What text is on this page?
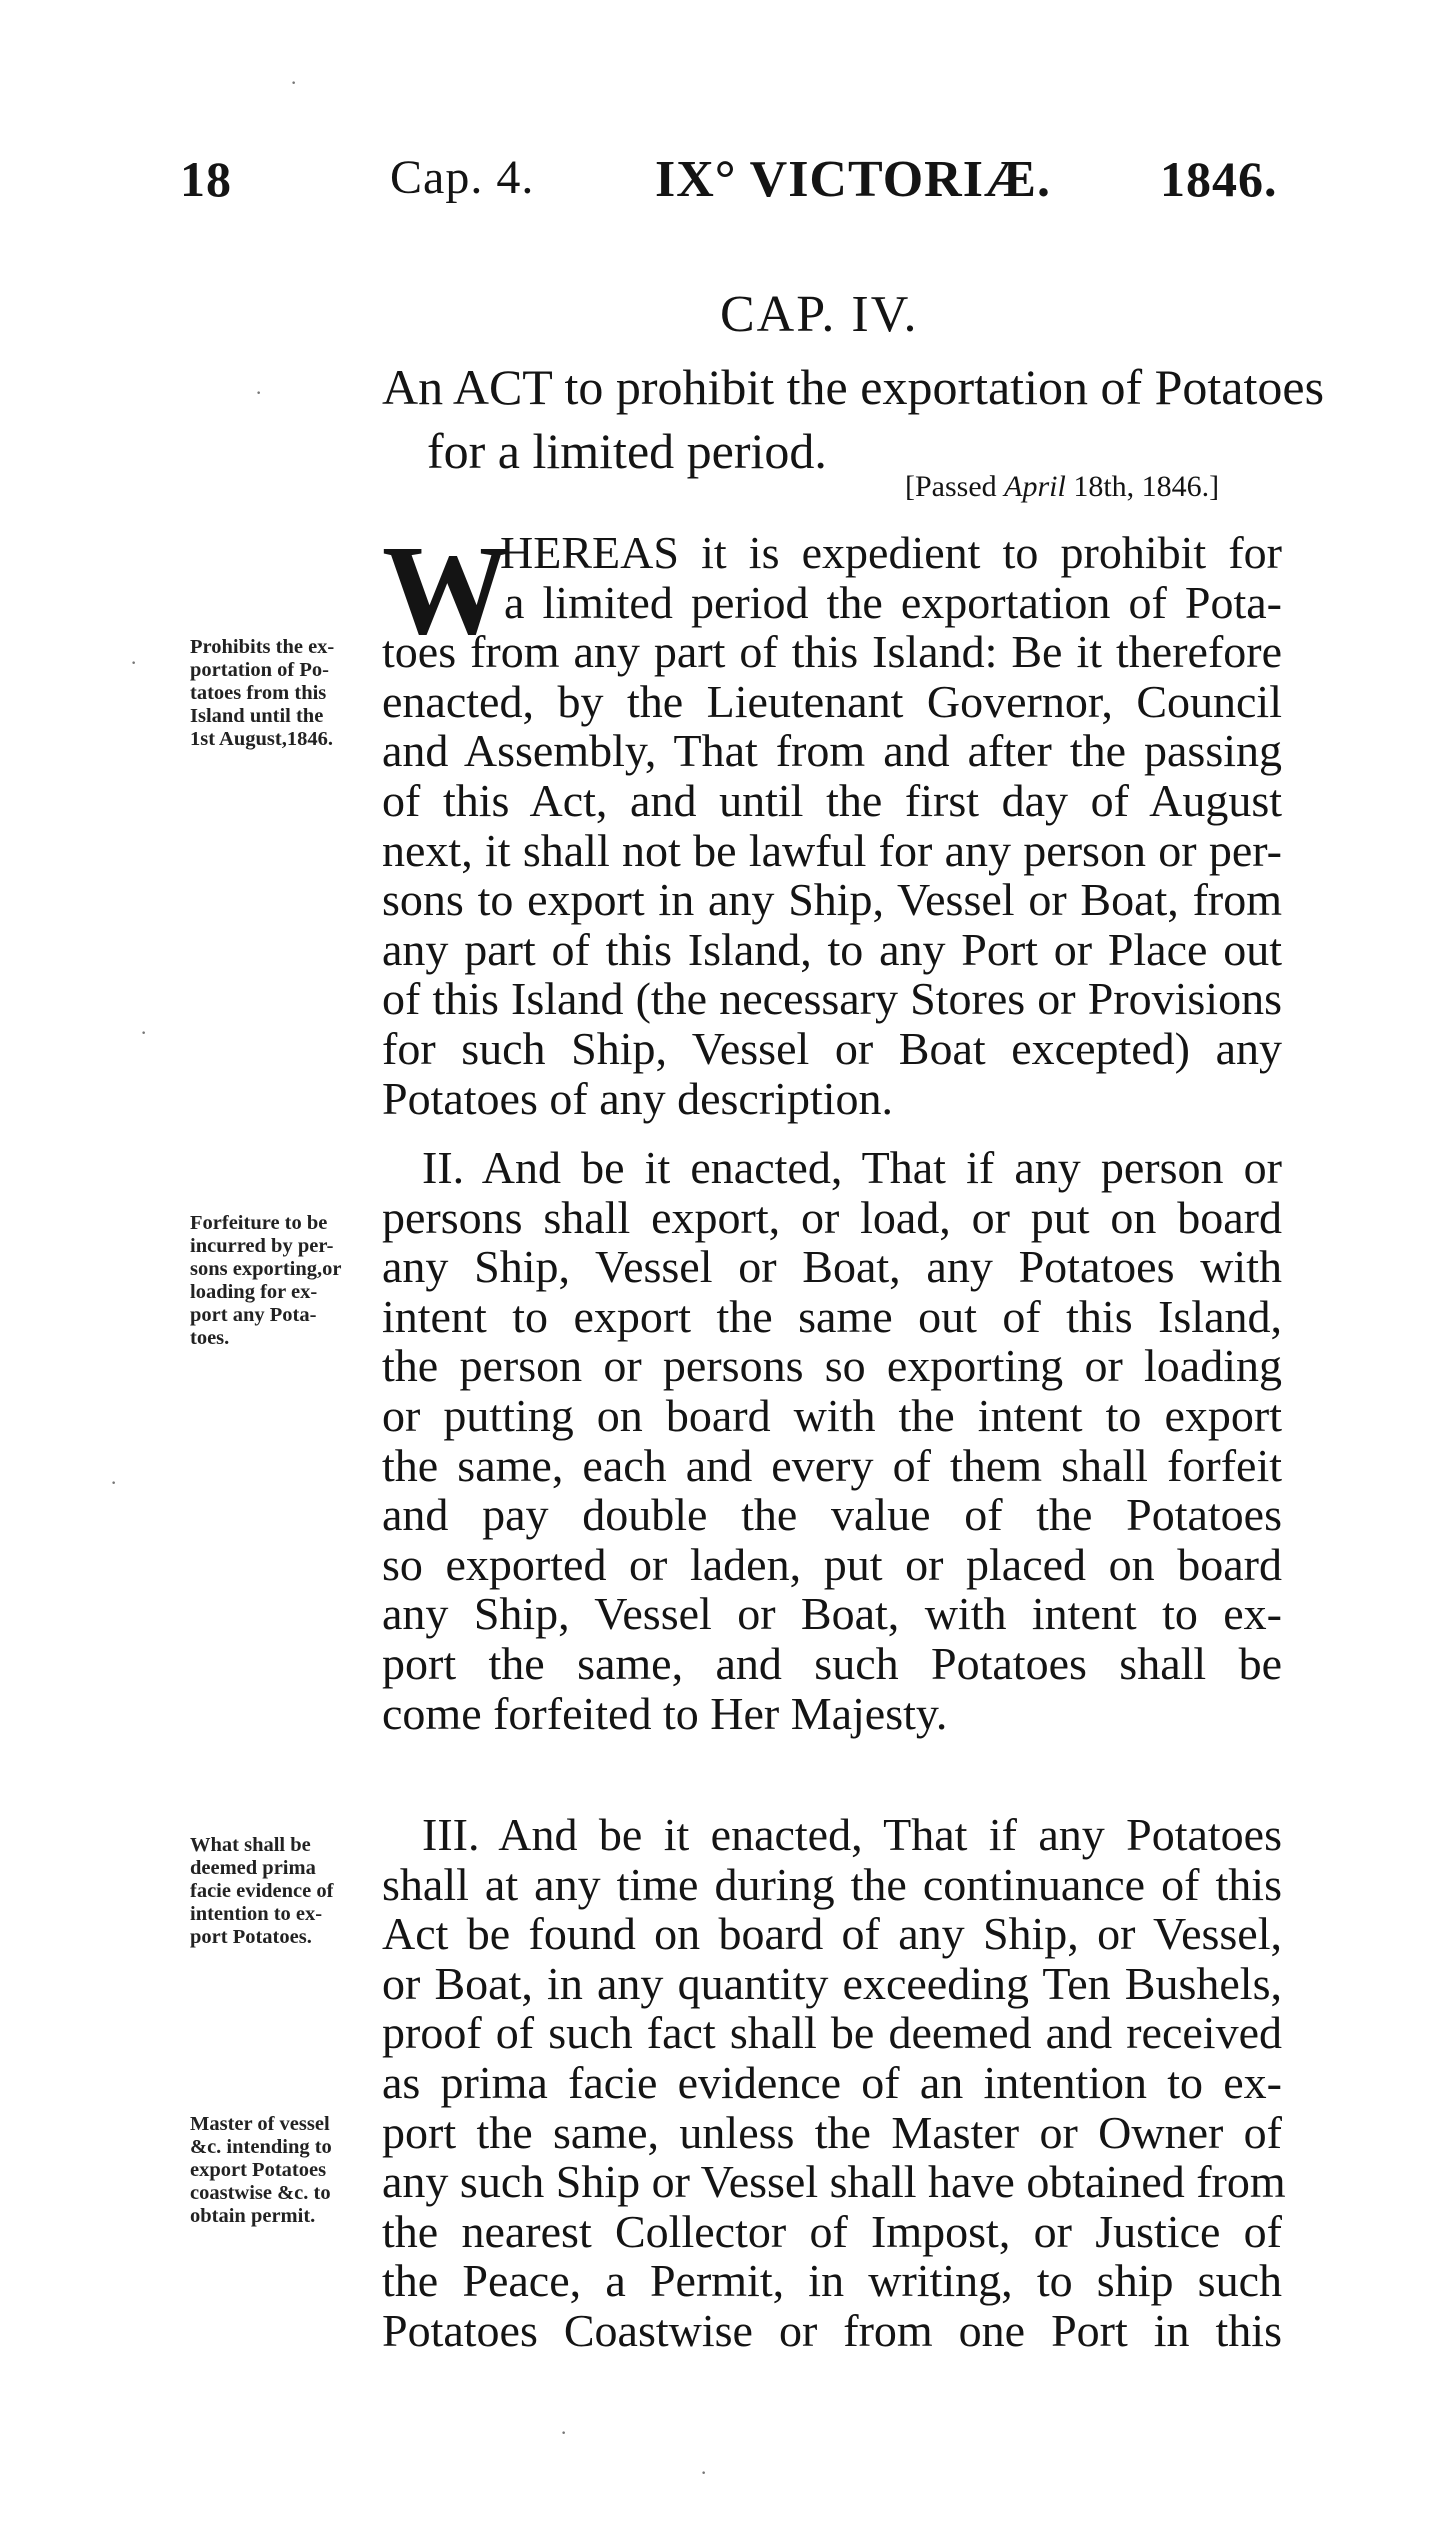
18	Cap. 4. IX° VICTORIÆ. 1846.
CAP. IV.
An ACT to prohibit the exportation of Potatoes
for a limited period.
[Passed April 18th, 1846.]
W
HEREAS it is expedient to prohibit for
a limited period the exportation of Pota-
toes from any part of this Island: Be it therefore
enacted, by the Lieutenant Governor, Council
and Assembly, That from and after the passing
of this Act, and until the first day of August
next, it shall not be lawful for any person or per-
sons to export in any Ship, Vessel or Boat, from
any part of this Island, to any Port or Place out
of this Island (the necessary Stores or Provisions
for such Ship, Vessel or Boat excepted) any
Potatoes of any description.
Prohibits the ex-
portation of Po-
tatoes from this
Island until the
1st August,1846.
II. And be it enacted, That if any person or
persons shall export, or load, or put on board
any Ship, Vessel or Boat, any Potatoes with
intent to export the same out of this Island,
the person or persons so exporting or loading
or putting on board with the intent to export
the same, each and every of them shall forfeit
and pay double the value of the Potatoes
so exported or laden, put or placed on board
any Ship, Vessel or Boat, with intent to ex-
port the same, and such Potatoes shall be
come forfeited to Her Majesty.
Forfeiture to be
incurred by per-
sons exporting,or
loading for ex-
port any Pota-
toes.
III. And be it enacted, That if any Potatoes
shall at any time during the continuance of this
Act be found on board of any Ship, or Vessel,
or Boat, in any quantity exceeding Ten Bushels,
proof of such fact shall be deemed and received
as prima facie evidence of an intention to ex-
port the same, unless the Master or Owner of
any such Ship or Vessel shall have obtained from
the nearest Collector of Impost, or Justice of
the Peace, a Permit, in writing, to ship such
Potatoes Coastwise or from one Port in this
What shall be
deemed prima
facie evidence of
intention to ex-
port Potatoes.
Master of vessel
&c. intending to
export Potatoes
coastwise &c. to
obtain permit.
·
·
·
·
·
·
·
